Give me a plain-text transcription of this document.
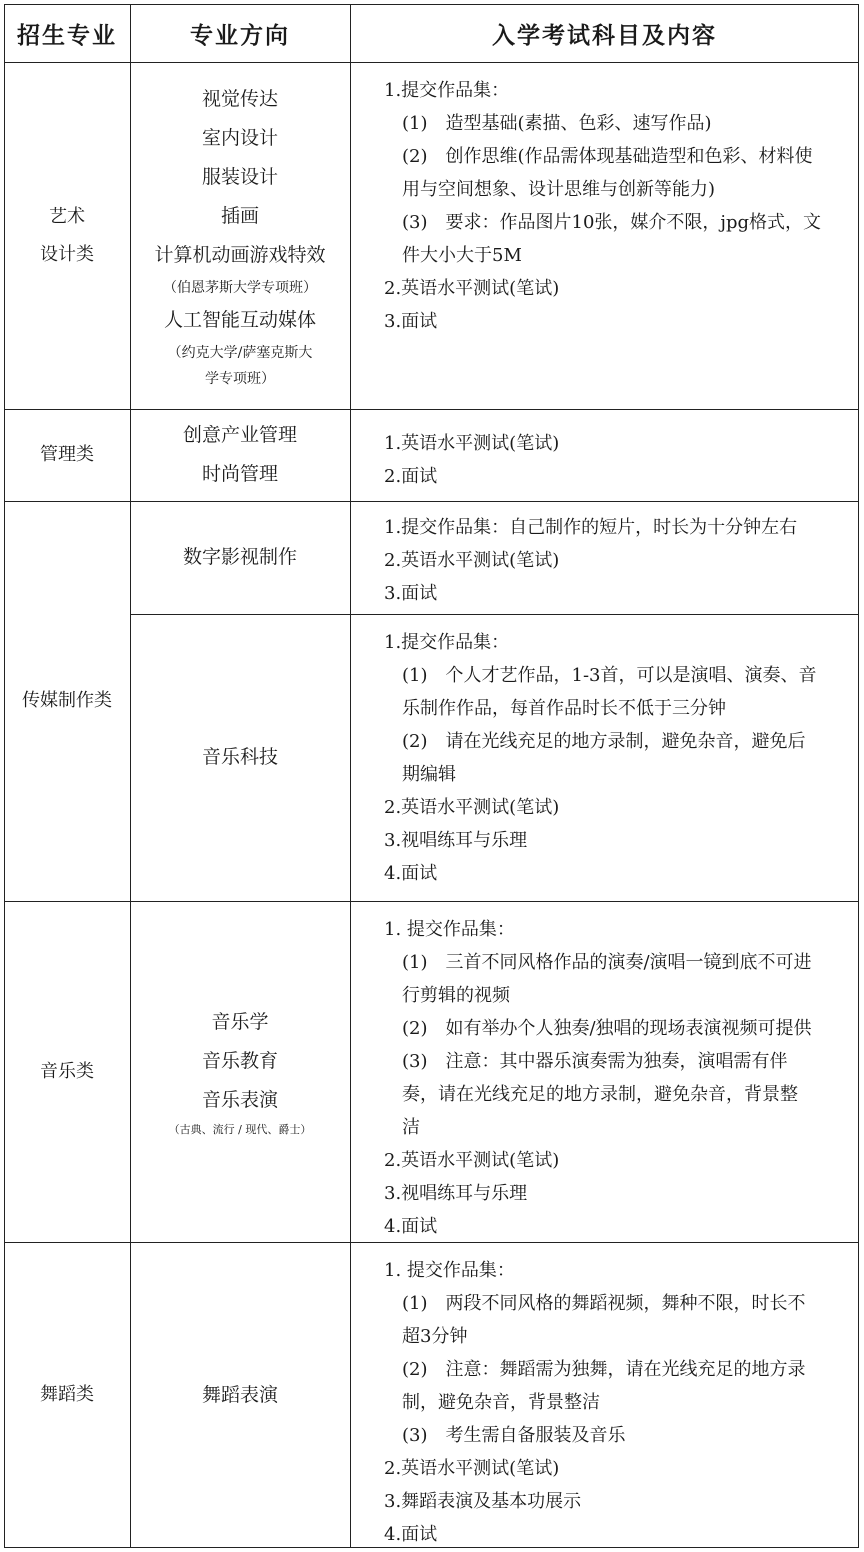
招生专业	专业方向	入学考试科目及内容
艺术
设计类
管理类
传媒制作类
音乐类
舞蹈类
视觉传达
室内设计
服装设计
插画
计算机动画游戏特效
（伯恩茅斯大学专项班）
人工智能互动媒体
（约克大学/萨塞克斯大
学专项班）
1.提交作品集：
(1)　造型基础(素描、色彩、速写作品)
(2)　创作思维(作品需体现基础造型和色彩、材料使
用与空间想象、设计思维与创新等能力)
(3)　要求：作品图片10张，媒介不限，jpg格式，文
件大小大于5M
2.英语水平测试(笔试)
3.面试
创意产业管理
时尚管理
1.英语水平测试(笔试)
2.面试
数字影视制作
1.提交作品集：自己制作的短片，时长为十分钟左右
2.英语水平测试(笔试)
3.面试
音乐科技
1.提交作品集：
(1)　个人才艺作品，1-3首，可以是演唱、演奏、音
乐制作作品，每首作品时长不低于三分钟
(2)　请在光线充足的地方录制，避免杂音，避免后
期编辑
2.英语水平测试(笔试)
3.视唱练耳与乐理
4.面试
音乐学
音乐教育
音乐表演
（古典、流行 / 现代、爵士）
1. 提交作品集：
(1)　三首不同风格作品的演奏/演唱一镜到底不可进
行剪辑的视频
(2)　如有举办个人独奏/独唱的现场表演视频可提供
(3)　注意：其中器乐演奏需为独奏，演唱需有伴
奏，请在光线充足的地方录制，避免杂音，背景整
洁
2.英语水平测试(笔试)
3.视唱练耳与乐理
4.面试
舞蹈表演
1. 提交作品集：
(1)　两段不同风格的舞蹈视频，舞种不限，时长不
超3分钟
(2)　注意：舞蹈需为独舞，请在光线充足的地方录
制，避免杂音，背景整洁
(3)　考生需自备服装及音乐
2.英语水平测试(笔试)
3.舞蹈表演及基本功展示
4.面试
